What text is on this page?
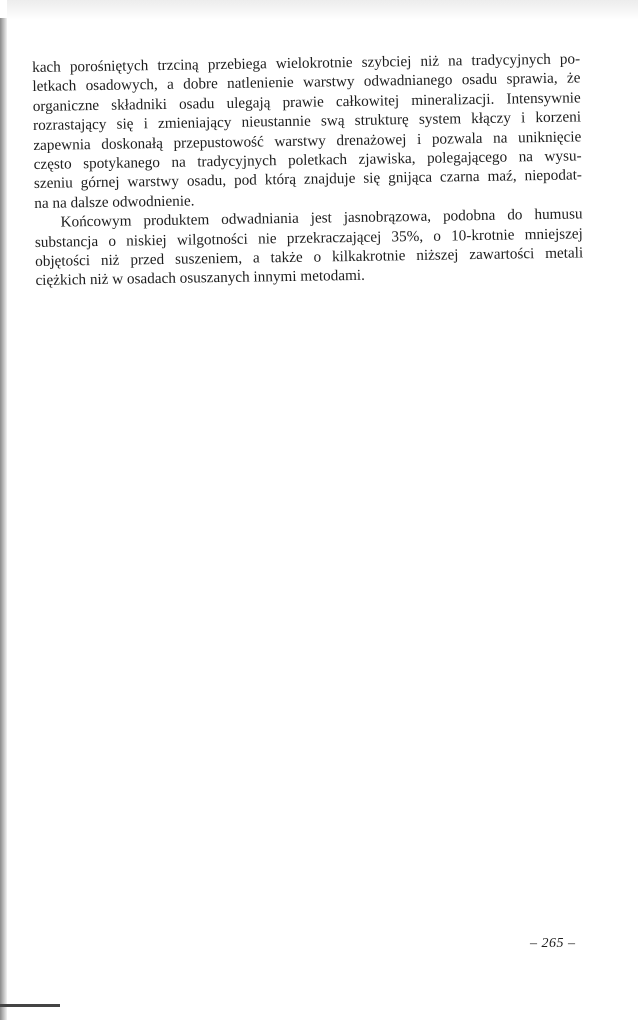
kach porośniętych trzciną przebiega wielokrotnie szybciej niż na tradycyjnych po-
letkach osadowych, a dobre natlenienie warstwy odwadnianego osadu sprawia, że
organiczne składniki osadu ulegają prawie całkowitej mineralizacji. Intensywnie
rozrastający się i zmieniający nieustannie swą strukturę system kłączy i korzeni
zapewnia doskonałą przepustowość warstwy drenażowej i pozwala na uniknięcie
często spotykanego na tradycyjnych poletkach zjawiska, polegającego na wysu-
szeniu górnej warstwy osadu, pod którą znajduje się gnijąca czarna maź, niepodat-
na na dalsze odwodnienie.
Końcowym produktem odwadniania jest jasnobrązowa, podobna do humusu
substancja o niskiej wilgotności nie przekraczającej 35%, o 10-krotnie mniejszej
objętości niż przed suszeniem, a także o kilkakrotnie niższej zawartości metali
ciężkich niż w osadach osuszanych innymi metodami.
– 265 –
